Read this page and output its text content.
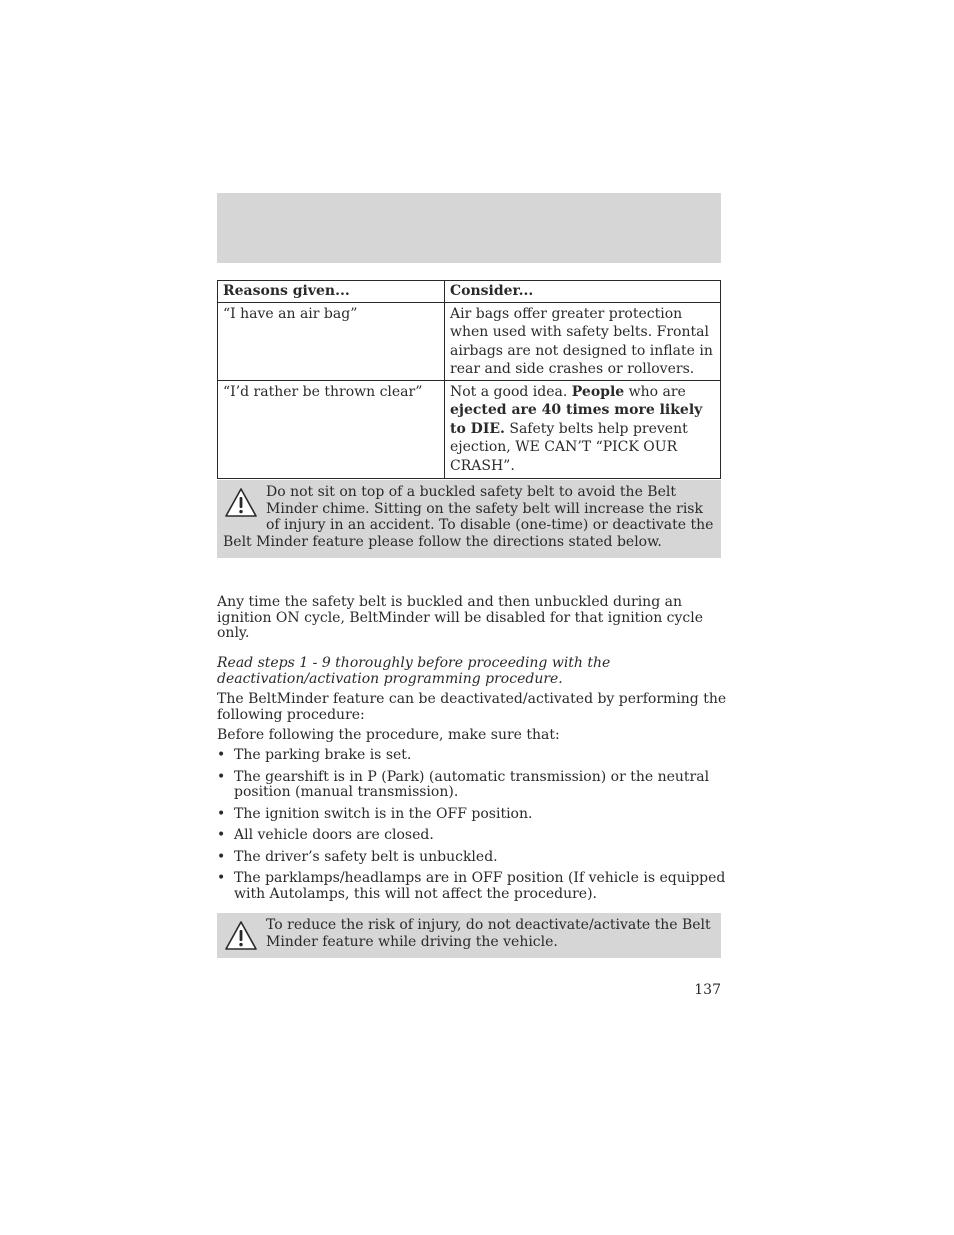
Reasons given...	Consider...
“I have an air bag”	Air bags offer greater protection when used with safety belts. Frontal airbags are not designed to inflate in rear and side crashes or rollovers.
“I’d rather be thrown clear”	Not a good idea. People who are ejected are 40 times more likely to DIE. Safety belts help prevent ejection, WE CAN’T “PICK OUR CRASH”.
Do not sit on top of a buckled safety belt to avoid the Belt Minder chime. Sitting on the safety belt will increase the risk of injury in an accident. To disable (one-time) or deactivate the Belt Minder feature please follow the directions stated below.
Any time the safety belt is buckled and then unbuckled during an ignition ON cycle, BeltMinder will be disabled for that ignition cycle only.
Read steps 1 - 9 thoroughly before proceeding with the deactivation/activation programming procedure.
The BeltMinder feature can be deactivated/activated by performing the following procedure:
Before following the procedure, make sure that:
• The parking brake is set.
• The gearshift is in P (Park) (automatic transmission) or the neutral position (manual transmission).
• The ignition switch is in the OFF position.
• All vehicle doors are closed.
• The driver’s safety belt is unbuckled.
• The parklamps/headlamps are in OFF position (If vehicle is equipped with Autolamps, this will not affect the procedure).
To reduce the risk of injury, do not deactivate/activate the Belt Minder feature while driving the vehicle.
137
